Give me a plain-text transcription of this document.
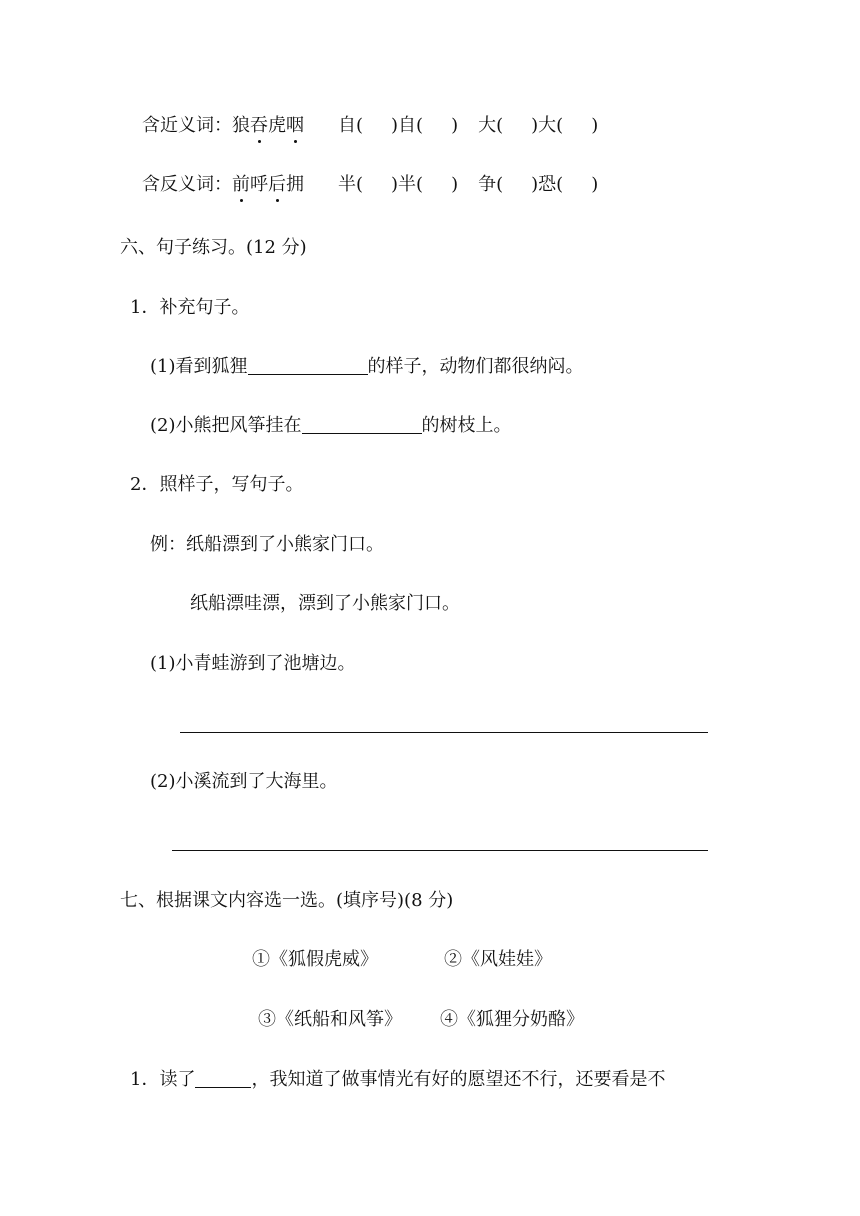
含近义词：狼吞虎咽 自( )自( ) 大( )大( )
含反义词：前呼后拥 半( )半( ) 争( )恐( )
六、句子练习。(12 分)
1．补充句子。
(1)看到狐狸	的样子，动物们都很纳闷。
(2)小熊把风筝挂在	的树枝上。
2．照样子，写句子。
例：纸船漂到了小熊家门口。
纸船漂哇漂，漂到了小熊家门口。
(1)小青蛙游到了池塘边。
(2)小溪流到了大海里。
七、根据课文内容选一选。(填序号)(8 分)
①《狐假虎威》	②《风娃娃》
③《纸船和风筝》 ④《狐狸分奶酪》
1．读了	，我知道了做事情光有好的愿望还不行，还要看是不
